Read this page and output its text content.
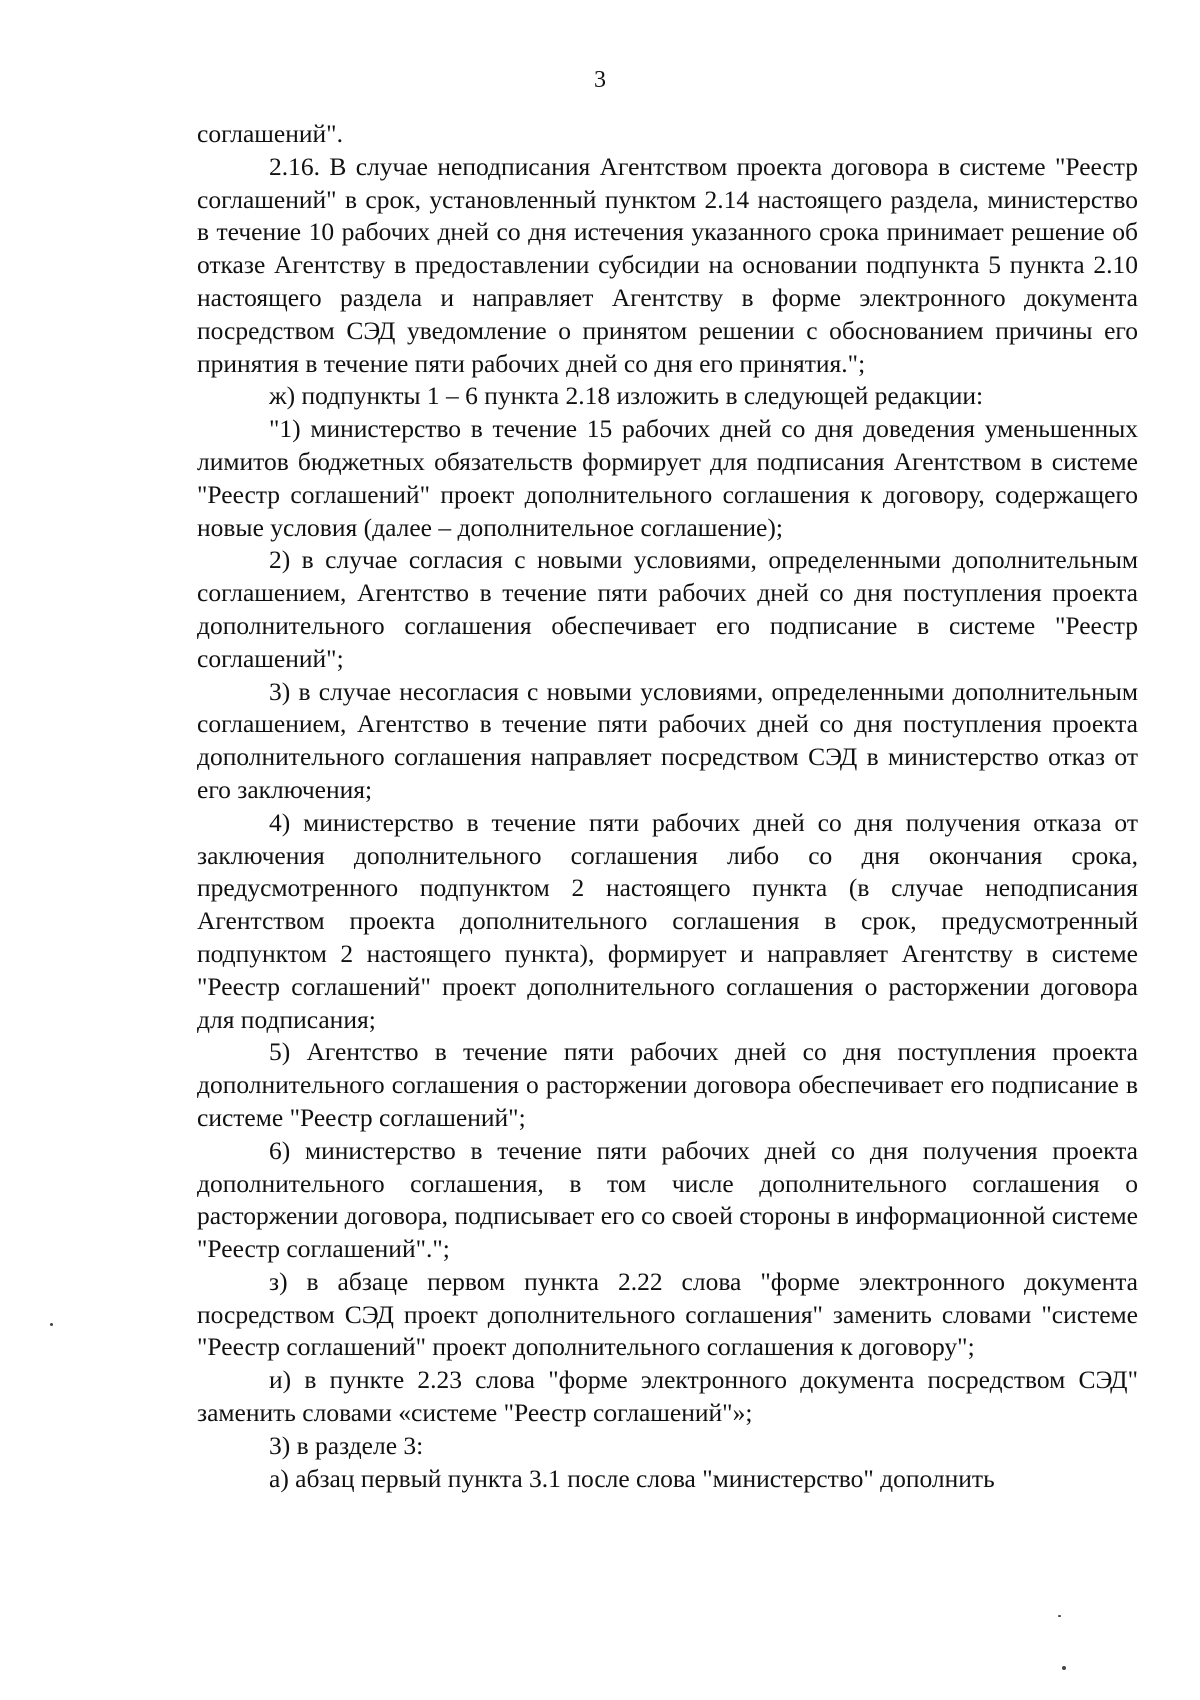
3

соглашений".

2.16. В случае неподписания Агентством проекта договора в системе "Реестр соглашений" в срок, установленный пунктом 2.14 настоящего раздела, министерство в течение 10 рабочих дней со дня истечения указанного срока принимает решение об отказе Агентству в предоставлении субсидии на основании подпункта 5 пункта 2.10 настоящего раздела и направляет Агентству в форме электронного документа посредством СЭД уведомление о принятом решении с обоснованием причины его принятия в течение пяти рабочих дней со дня его принятия.";

ж) подпункты 1 – 6 пункта 2.18 изложить в следующей редакции:

"1) министерство в течение 15 рабочих дней со дня доведения уменьшенных лимитов бюджетных обязательств формирует для подписания Агентством в системе "Реестр соглашений" проект дополнительного соглашения к договору, содержащего новые условия (далее – дополнительное соглашение);

2) в случае согласия с новыми условиями, определенными дополнительным соглашением, Агентство в течение пяти рабочих дней со дня поступления проекта дополнительного соглашения обеспечивает его подписание в системе "Реестр соглашений";

3) в случае несогласия с новыми условиями, определенными дополнительным соглашением, Агентство в течение пяти рабочих дней со дня поступления проекта дополнительного соглашения направляет посредством СЭД в министерство отказ от его заключения;

4) министерство в течение пяти рабочих дней со дня получения отказа от заключения дополнительного соглашения либо со дня окончания срока, предусмотренного подпунктом 2 настоящего пункта (в случае неподписания Агентством проекта дополнительного соглашения в срок, предусмотренный подпунктом 2 настоящего пункта), формирует и направляет Агентству в системе "Реестр соглашений" проект дополнительного соглашения о расторжении договора для подписания;

5) Агентство в течение пяти рабочих дней со дня поступления проекта дополнительного соглашения о расторжении договора обеспечивает его подписание в системе "Реестр соглашений";

6) министерство в течение пяти рабочих дней со дня получения проекта дополнительного соглашения, в том числе дополнительного соглашения о расторжении договора, подписывает его со своей стороны в информационной системе "Реестр соглашений".";

з) в абзаце первом пункта 2.22 слова "форме электронного документа посредством СЭД проект дополнительного соглашения" заменить словами "системе "Реестр соглашений" проект дополнительного соглашения к договору";

и) в пункте 2.23 слова "форме электронного документа посредством СЭД" заменить словами «системе "Реестр соглашений"»;

3) в разделе 3:

а) абзац первый пункта 3.1 после слова "министерство" дополнить
